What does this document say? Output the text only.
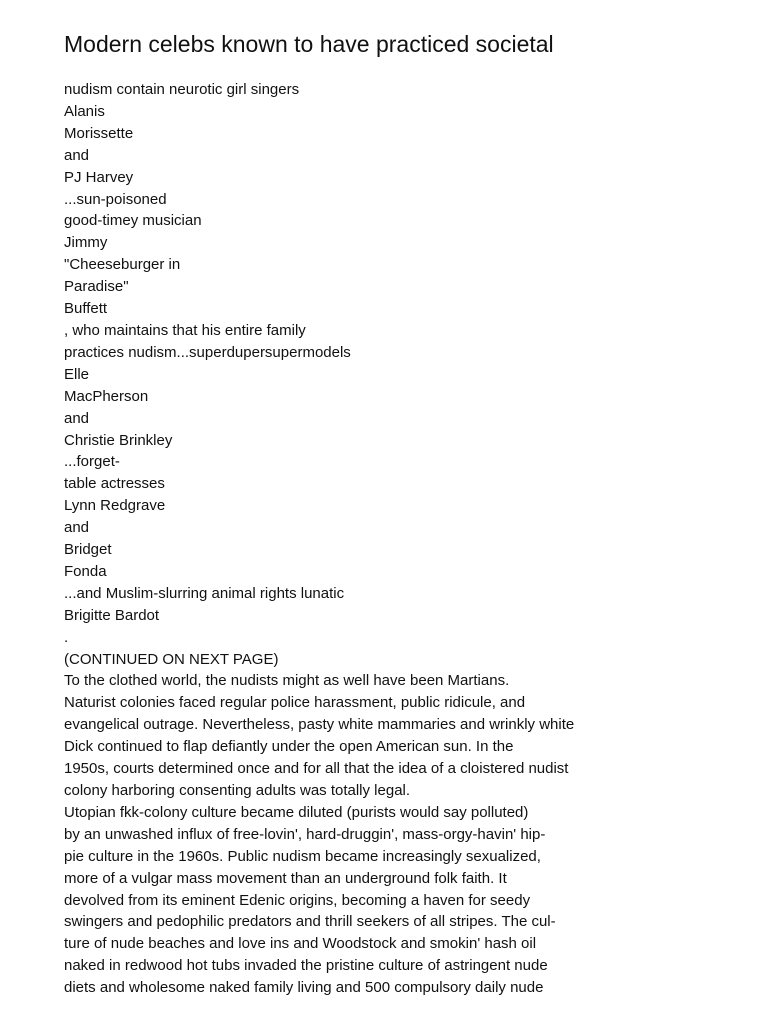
Modern celebs known to have practiced societal
nudism contain neurotic girl singers
Alanis
Morissette
and
PJ Harvey
...sun-poisoned
good-timey musician
Jimmy
"Cheeseburger in
Paradise"
Buffett
, who maintains that his entire family
practices nudism...superdupersupermodels
Elle
MacPherson
and
Christie Brinkley
...forget-
table actresses
Lynn Redgrave
and
Bridget
Fonda
...and Muslim-slurring animal rights lunatic
Brigitte Bardot
.
(CONTINUED ON NEXT PAGE)
To the clothed world, the nudists might as well have been Martians.
Naturist colonies faced regular police harassment, public ridicule, and
evangelical outrage. Nevertheless, pasty white mammaries and wrinkly white
Dick continued to flap defiantly under the open American sun. In the
1950s, courts determined once and for all that the idea of a cloistered nudist
colony harboring consenting adults was totally legal.
Utopian fkk-colony culture became diluted (purists would say polluted)
by an unwashed influx of free-lovin', hard-druggin', mass-orgy-havin' hip-
pie culture in the 1960s. Public nudism became increasingly sexualized,
more of a vulgar mass movement than an underground folk faith. It
devolved from its eminent Edenic origins, becoming a haven for seedy
swingers and pedophilic predators and thrill seekers of all stripes. The cul-
ture of nude beaches and love ins and Woodstock and smokin' hash oil
naked in redwood hot tubs invaded the pristine culture of astringent nude
diets and wholesome naked family living and 500 compulsory daily nude
